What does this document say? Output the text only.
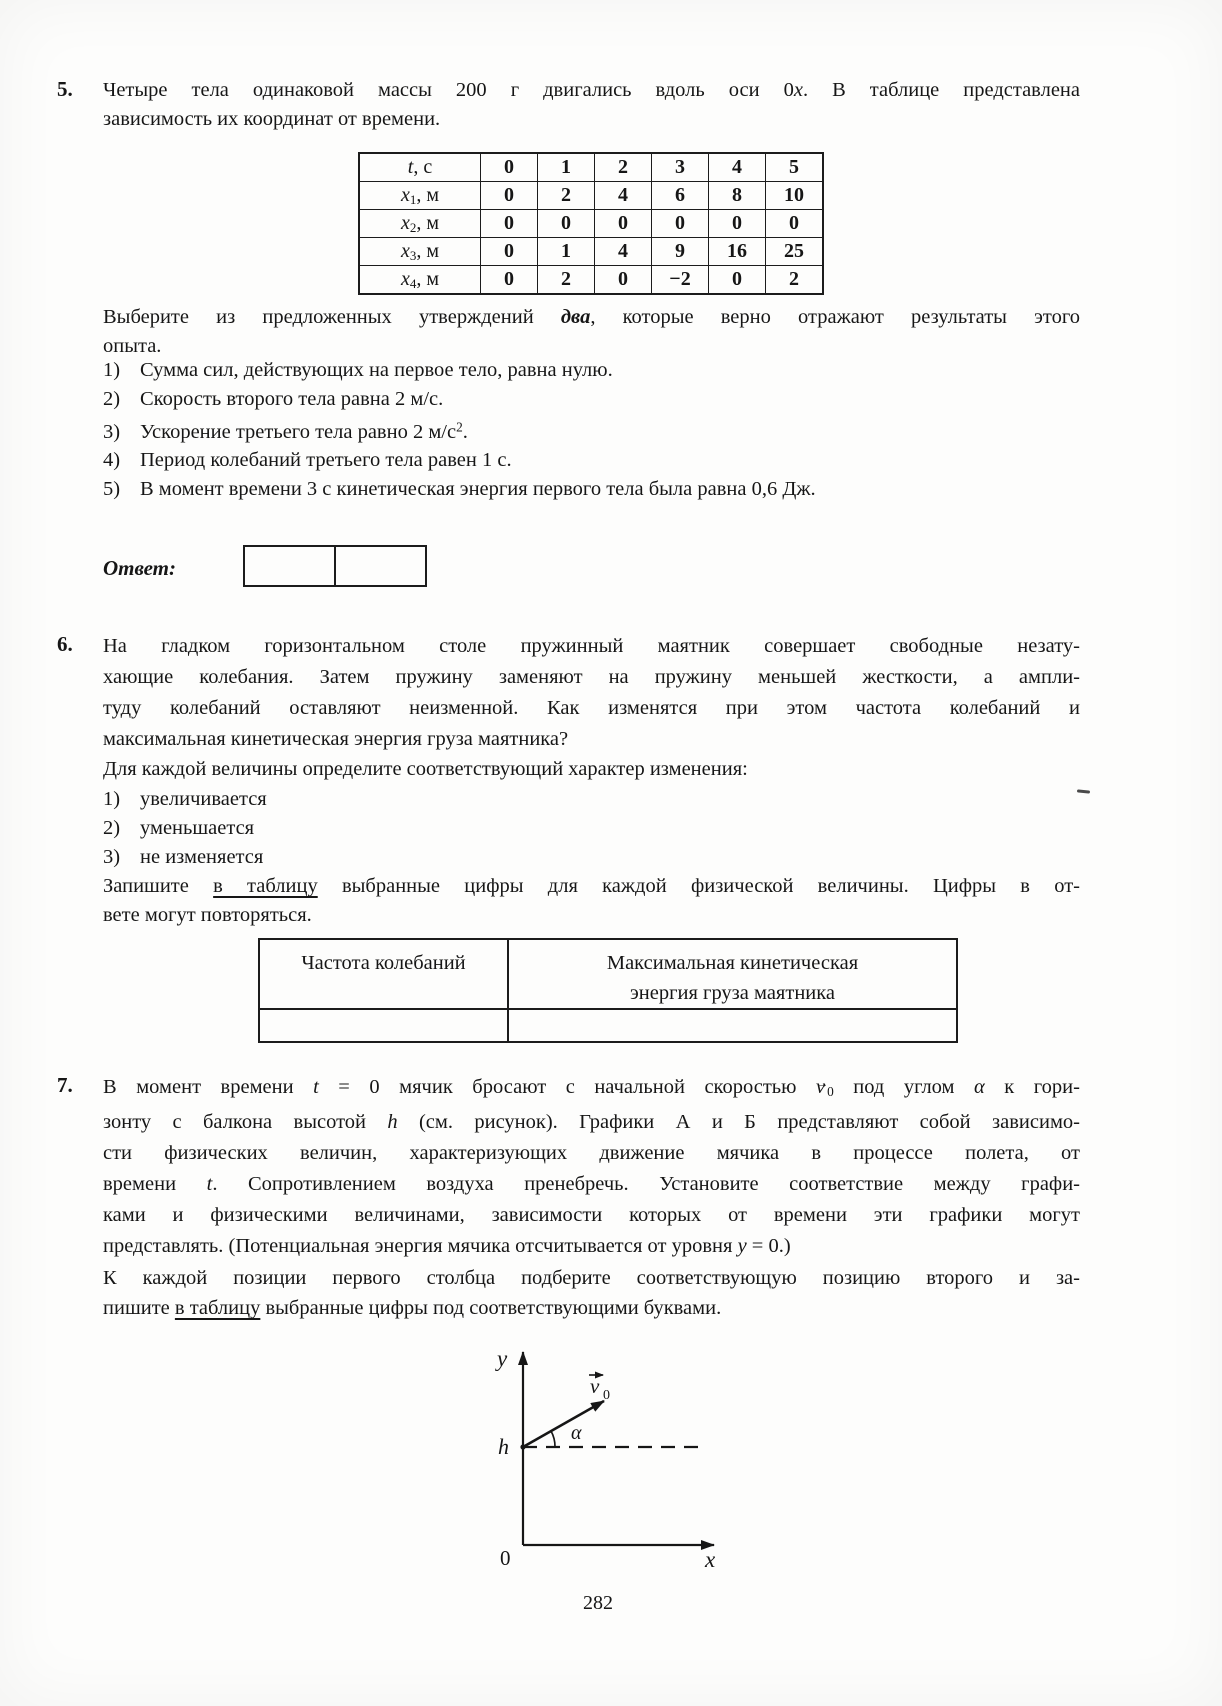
5. Четыре тела одинаковой массы 200 г двигались вдоль оси 0x. В таблице представлена
зависимость их координат от времени.
t, с	0	1	2	3	4	5
x1, м	0	2	4	6	8	10
x2, м	0	0	0	0	0	0
x3, м	0	1	4	9	16	25
x4, м	0	2	0	−2	0	2
Выберите из предложенных утверждений два, которые верно отражают результаты этого
опыта.
1) Сумма сил, действующих на первое тело, равна нулю.
2) Скорость второго тела равна 2 м/с.
3) Ускорение третьего тела равно 2 $м/с^2$.
4) Период колебаний третьего тела равен 1 с.
5) В момент времени 3 с кинетическая энергия первого тела была равна 0,6 Дж.
Ответ:

6. На гладком горизонтальном столе пружинный маятник совершает свободные незату-
хающие колебания. Затем пружину заменяют на пружину меньшей жесткости, а ампли-
туду колебаний оставляют неизменной. Как изменятся при этом частота колебаний и
максимальная кинетическая энергия груза маятника?
Для каждой величины определите соответствующий характер изменения:
1) увеличивается
2) уменьшается
3) не изменяется
Запишите в таблицу выбранные цифры для каждой физической величины. Цифры в от-
вете могут повторяться.
Частота колебаний	Максимальная кинетическая
энергия груза маятника

7. В момент времени t = 0 мячик бросают с начальной скоростью v → 0 под углом α к гори-
зонту с балкона высотой h (см. рисунок). Графики А и Б представляют собой зависимо-
сти физических величин, характеризующих движение мячика в процессе полета, от
времени t. Сопротивлением воздуха пренебречь. Установите соответствие между графи-
ками и физическими величинами, зависимости которых от времени эти графики могут
представлять. (Потенциальная энергия мячика отсчитывается от уровня y = 0.)
К каждой позиции первого столбца подберите соответствующую позицию второго и за-
пишите в таблицу выбранные цифры под соответствующими буквами.
y
x
0
h
α
v 0
282
